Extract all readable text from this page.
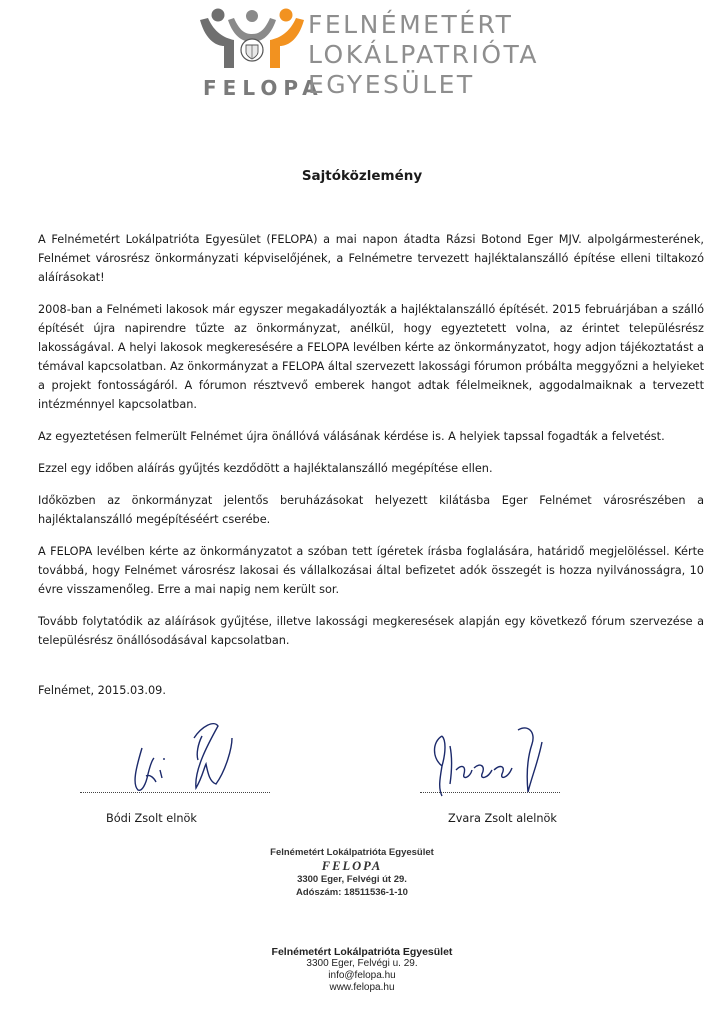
FELOPA
FELNÉMETÉRT
LOKÁLPATRIÓTA
EGYESÜLET
Sajtóközlemény

A Felnémetért Lokálpatrióta Egyesület (FELOPA) a mai napon átadta Rázsi Botond Eger MJV. alpolgármesterének, Felnémet városrész önkormányzati képviselőjének, a Felnémetre tervezett hajléktalanszálló építése elleni tiltakozó aláírásokat!

2008-ban a Felnémeti lakosok már egyszer megakadályozták a hajléktalanszálló építését. 2015 februárjában a szálló építését újra napirendre tűzte az önkormányzat, anélkül, hogy egyeztetett volna, az érintet településrész lakosságával. A helyi lakosok megkeresésére a FELOPA levélben kérte az önkormányzatot, hogy adjon tájékoztatást a témával kapcsolatban. Az önkormányzat a FELOPA által szervezett lakossági fórumon próbálta meggyőzni a helyieket a projekt fontosságáról. A fórumon résztvevő emberek hangot adtak félelmeiknek, aggodalmaiknak a tervezett intézménnyel kapcsolatban.

Az egyeztetésen felmerült Felnémet újra önállóvá válásának kérdése is. A helyiek tapssal fogadták a felvetést.

Ezzel egy időben aláírás gyűjtés kezdődött a hajléktalanszálló megépítése ellen.

Időközben az önkormányzat jelentős beruházásokat helyezett kilátásba Eger Felnémet városrészében a hajléktalanszálló megépítéséért cserébe.

A FELOPA levélben kérte az önkormányzatot a szóban tett ígéretek írásba foglalására, határidő megjelöléssel. Kérte továbbá, hogy Felnémet városrész lakosai és vállalkozásai által befizetet adók összegét is hozza nyilvánosságra, 10 évre visszamenőleg. Erre a mai napig nem került sor.

Tovább folytatódik az aláírások gyűjtése, illetve lakossági megkeresések alapján egy következő fórum szervezése a településrész önállósodásával kapcsolatban.

Felnémet, 2015.03.09.
Bódi Zsolt elnök	Zvara Zsolt alelnök
Felnémetért Lokálpatrióta Egyesület
FELOPA
3300 Eger, Felvégi út 29.
Adószám: 18511536-1-10
Felnémetért Lokálpatrióta Egyesület
3300 Eger, Felvégi u. 29.
info@felopa.hu
www.felopa.hu
